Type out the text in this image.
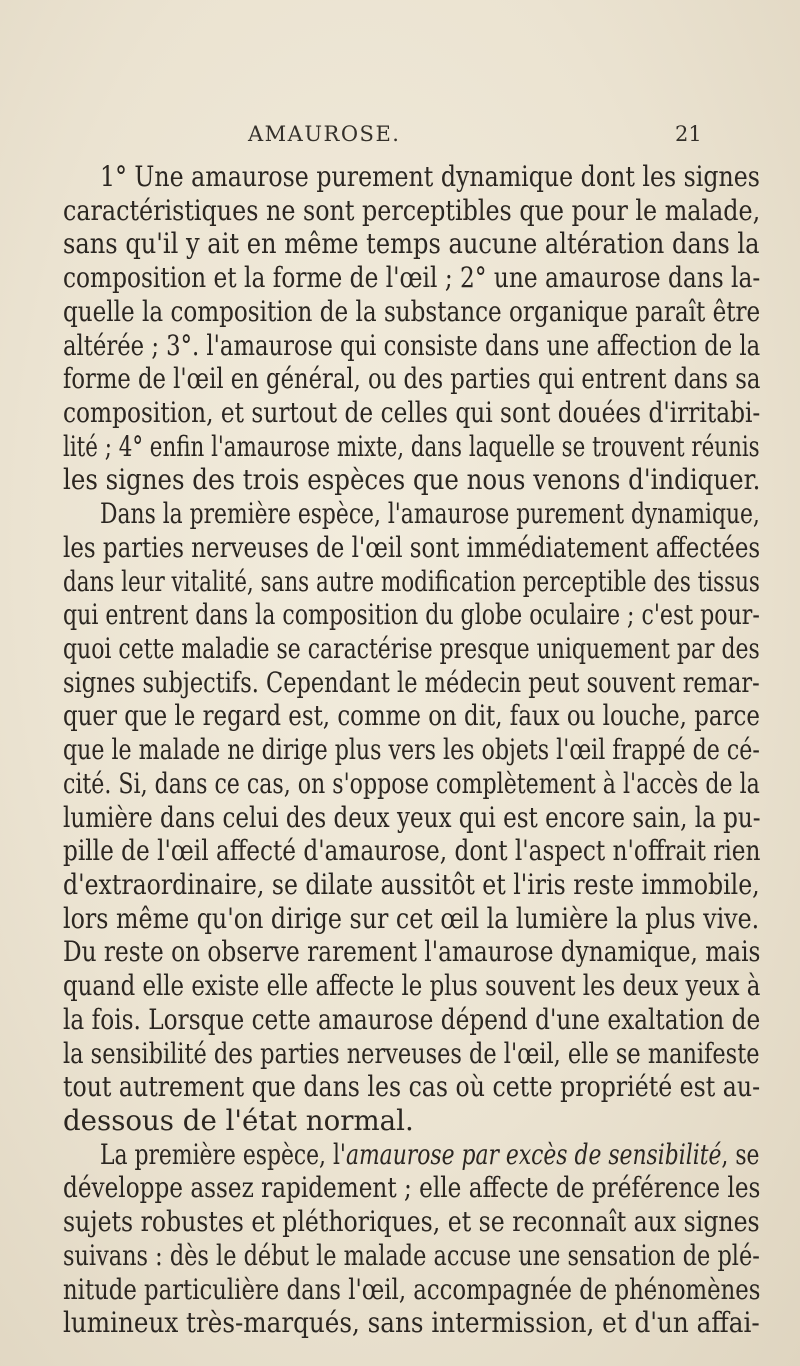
AMAUROSE.	21
1° Une amaurose purement dynamique dont les signes
caractéristiques ne sont perceptibles que pour le malade,
sans qu'il y ait en même temps aucune altération dans la
composition et la forme de l'œil ; 2° une amaurose dans la-
quelle la composition de la substance organique paraît être
altérée ; 3°. l'amaurose qui consiste dans une affection de la
forme de l'œil en général, ou des parties qui entrent dans sa
composition, et surtout de celles qui sont douées d'irritabi-
lité ; 4° enfin l'amaurose mixte, dans laquelle se trouvent réunis
les signes des trois espèces que nous venons d'indiquer.
Dans la première espèce, l'amaurose purement dynamique,
les parties nerveuses de l'œil sont immédiatement affectées
dans leur vitalité, sans autre modification perceptible des tissus
qui entrent dans la composition du globe oculaire ; c'est pour-
quoi cette maladie se caractérise presque uniquement par des
signes subjectifs. Cependant le médecin peut souvent remar-
quer que le regard est, comme on dit, faux ou louche, parce
que le malade ne dirige plus vers les objets l'œil frappé de cé-
cité. Si, dans ce cas, on s'oppose complètement à l'accès de la
lumière dans celui des deux yeux qui est encore sain, la pu-
pille de l'œil affecté d'amaurose, dont l'aspect n'offrait rien
d'extraordinaire, se dilate aussitôt et l'iris reste immobile,
lors même qu'on dirige sur cet œil la lumière la plus vive.
Du reste on observe rarement l'amaurose dynamique, mais
quand elle existe elle affecte le plus souvent les deux yeux à
la fois. Lorsque cette amaurose dépend d'une exaltation de
la sensibilité des parties nerveuses de l'œil, elle se manifeste
tout autrement que dans les cas où cette propriété est au-
dessous de l'état normal.
La première espèce, l'amaurose par excès de sensibilité, se
développe assez rapidement ; elle affecte de préférence les
sujets robustes et pléthoriques, et se reconnaît aux signes
suivans : dès le début le malade accuse une sensation de plé-
nitude particulière dans l'œil, accompagnée de phénomènes
lumineux très-marqués, sans intermission, et d'un affai-
